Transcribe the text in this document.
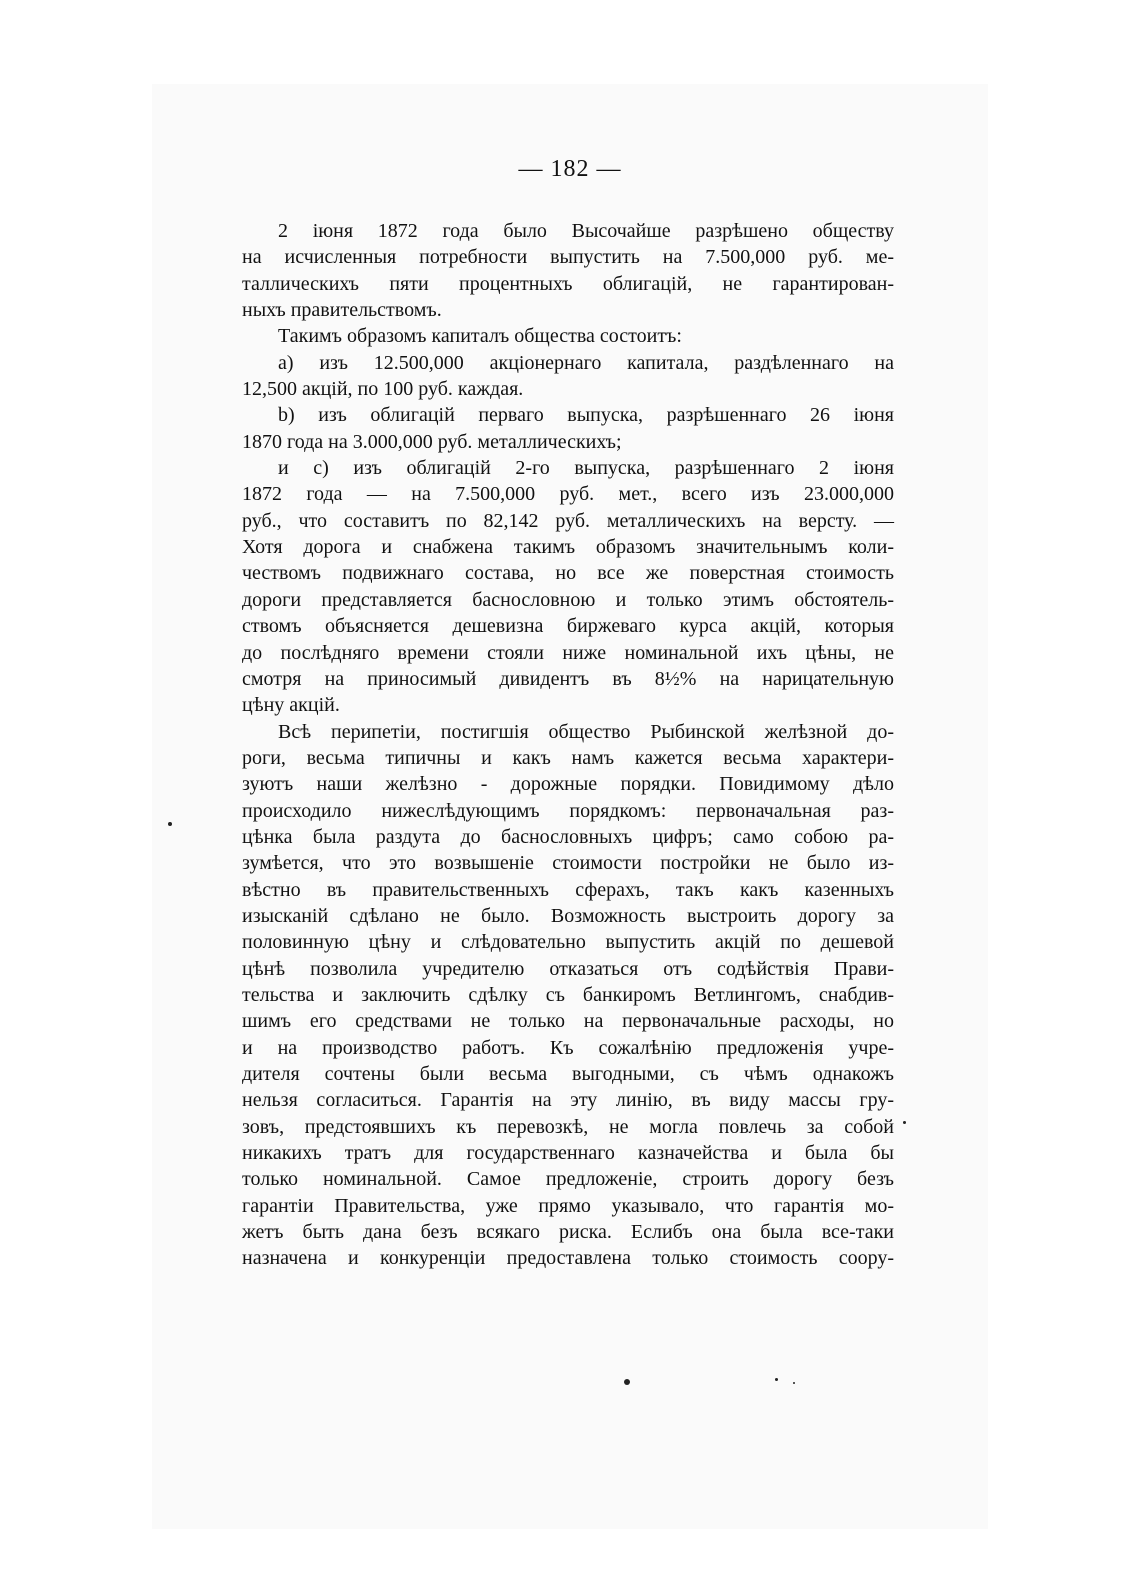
— 182 —
2 іюня 1872 года было Высочайше разрѣшено обществу
на исчисленныя потребности выпустить на 7.500,000 руб. ме-
таллическихъ пяти процентныхъ облигацій, не гарантирован-
ныхъ правительствомъ.
Такимъ образомъ капиталъ общества состоитъ:
а) изъ 12.500,000 акціонернаго капитала, раздѣленнаго на
12,500 акцій, по 100 руб. каждая.
b) изъ облигацій перваго выпуска, разрѣшеннаго 26 іюня
1870 года на 3.000,000 руб. металлическихъ;
и с) изъ облигацій 2-го выпуска, разрѣшеннаго 2 іюня
1872 года — на 7.500,000 руб. мет., всего изъ 23.000,000
руб., что составитъ по 82,142 руб. металлическихъ на версту. —
Хотя дорога и снабжена такимъ образомъ значительнымъ коли-
чествомъ подвижнаго состава, но все же поверстная стоимость
дороги представляется баснословною и только этимъ обстоятель-
ствомъ объясняется дешевизна биржеваго курса акцій, которыя
до послѣдняго времени стояли ниже номинальной ихъ цѣны, не
смотря на приносимый дивидентъ въ 8½% на нарицательную
цѣну акцій.
Всѣ перипетіи, постигшія общество Рыбинской желѣзной до-
роги, весьма типичны и какъ намъ кажется весьма характери-
зуютъ наши желѣзно - дорожные порядки. Повидимому дѣло
происходило нижеслѣдующимъ порядкомъ: первоначальная раз-
цѣнка была раздута до баснословныхъ цифръ; само собою ра-
зумѣется, что это возвышеніе стоимости постройки не было из-
вѣстно въ правительственныхъ сферахъ, такъ какъ казенныхъ
изысканій сдѣлано не было. Возможность выстроить дорогу за
половинную цѣну и слѣдовательно выпустить акцій по дешевой
цѣнѣ позволила учредителю отказаться отъ содѣйствія Прави-
тельства и заключить сдѣлку съ банкиромъ Ветлингомъ, снабдив-
шимъ его средствами не только на первоначальные расходы, но
и на производство работъ. Къ сожалѣнію предложенія учре-
дителя сочтены были весьма выгодными, съ чѣмъ однакожъ
нельзя согласиться. Гарантія на эту линію, въ виду массы гру-
зовъ, предстоявшихъ къ перевозкѣ, не могла повлечь за собой
никакихъ тратъ для государственнаго казначейства и была бы
только номинальной. Самое предложеніе, строить дорогу безъ
гарантіи Правительства, уже прямо указывало, что гарантія мо-
жетъ быть дана безъ всякаго риска. Еслибъ она была все-таки
назначена и конкуренціи предоставлена только стоимость соору-
